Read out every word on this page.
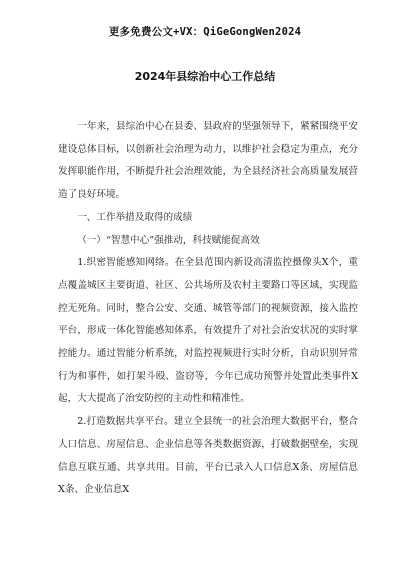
更多免费公文+VX：QiGeGongWen2024
2024年县综治中心工作总结

一年来，县综治中心在县委、县政府的坚强领导下，紧紧围绕平安建设总体目标，以创新社会治理为动力，以维护社会稳定为重点，充分发挥职能作用，不断提升社会治理效能，为全县经济社会高质量发展营造了良好环境。

一、工作举措及取得的成绩

（一）“智慧中心”强推动，科技赋能促高效

1.织密智能感知网络。在全县范围内新设高清监控摄像头X个，重点覆盖城区主要街道、社区、公共场所及农村主要路口等区域，实现监控无死角。同时，整合公安、交通、城管等部门的视频资源，接入监控平台，形成一体化智能感知体系，有效提升了对社会治安状况的实时掌控能力。通过智能分析系统，对监控视频进行实时分析，自动识别异常行为和事件，如打架斗殴、盗窃等，今年已成功预警并处置此类事件X起，大大提高了治安防控的主动性和精准性。

2.打造数据共享平台。建立全县统一的社会治理大数据平台，整合人口信息、房屋信息、企业信息等各类数据资源，打破数据壁垒，实现信息互联互通、共享共用。目前，平台已录入人口信息X条、房屋信息X条、企业信息X
